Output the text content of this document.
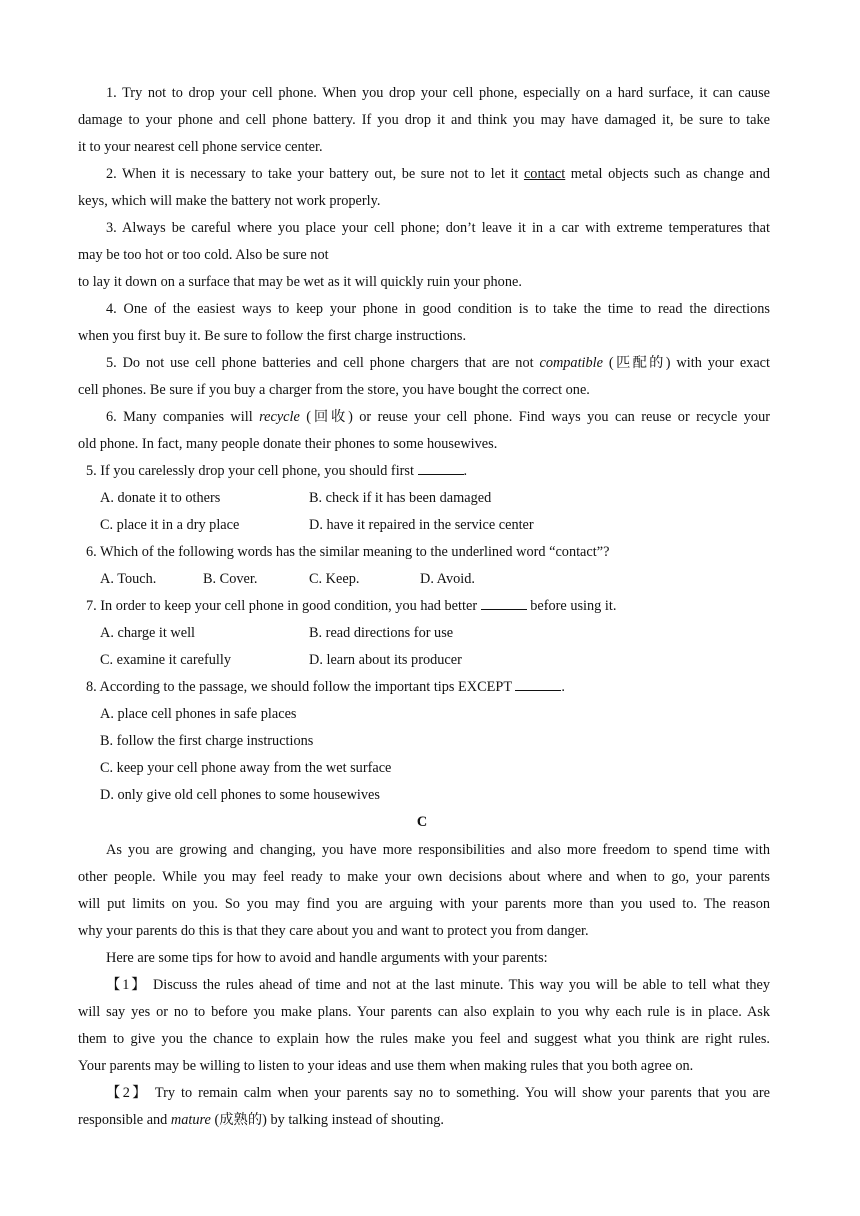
1. Try not to drop your cell phone. When you drop your cell phone, especially on a hard surface, it can cause
damage to your phone and cell phone battery. If you drop it and think you may have damaged it, be sure to take
it to your nearest cell phone service center.
2. When it is necessary to take your battery out, be sure not to let it contact metal objects such as change and
keys, which will make the battery not work properly.
3. Always be careful where you place your cell phone; don’t leave it in a car with extreme temperatures that
may be too hot or too cold. Also be sure not
to lay it down on a surface that may be wet as it will quickly ruin your phone.
4. One of the easiest ways to keep your phone in good condition is to take the time to read the directions
when you first buy it. Be sure to follow the first charge instructions.
5. Do not use cell phone batteries and cell phone chargers that are not compatible (匹配的) with your exact
cell phones. Be sure if you buy a charger from the store, you have bought the correct one.
6. Many companies will recycle (回收) or reuse your cell phone. Find ways you can reuse or recycle your
old phone. In fact, many people donate their phones to some housewives.
5. If you carelessly drop your cell phone, you should first	.
A. donate it to others	B. check if it has been damaged
C. place it in a dry place	D. have it repaired in the service center
6. Which of the following words has the similar meaning to the underlined word “contact”?
A. Touch.	B. Cover.	C. Keep.	D. Avoid.
7. In order to keep your cell phone in good condition, you had better	before using it.
A. charge it well	B. read directions for use
C. examine it carefully	D. learn about its producer
8. According to the passage, we should follow the important tips EXCEPT	.
A. place cell phones in safe places
B. follow the first charge instructions
C. keep your cell phone away from the wet surface
D. only give old cell phones to some housewives
C
As you are growing and changing, you have more responsibilities and also more freedom to spend time with
other people. While you may feel ready to make your own decisions about where and when to go, your parents
will put limits on you. So you may find you are arguing with your parents more than you used to. The reason
why your parents do this is that they care about you and want to protect you from danger.
Here are some tips for how to avoid and handle arguments with your parents:
【1】 Discuss the rules ahead of time and not at the last minute. This way you will be able to tell what they
will say yes or no to before you make plans. Your parents can also explain to you why each rule is in place. Ask
them to give you the chance to explain how the rules make you feel and suggest what you think are right rules.
Your parents may be willing to listen to your ideas and use them when making rules that you both agree on.
【2】 Try to remain calm when your parents say no to something. You will show your parents that you are
responsible and mature (成熟的) by talking instead of shouting.
